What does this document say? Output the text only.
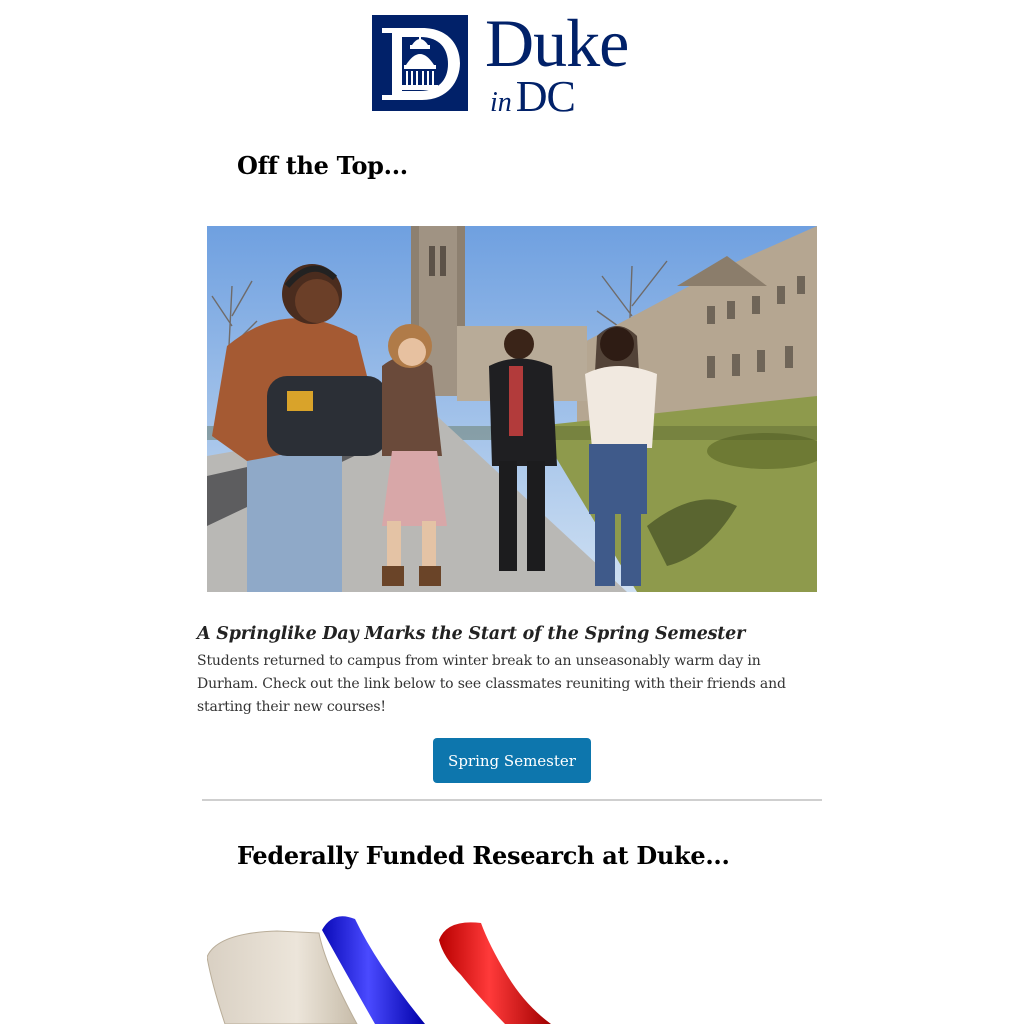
Duke
in DC
Off the Top...
A Springlike Day Marks the Start of the Spring Semester

Students returned to campus from winter break to an unseasonably warm day in Durham. Check out the link below to see classmates reuniting with their friends and starting their new courses!

Spring Semester
Federally Funded Research at Duke...
